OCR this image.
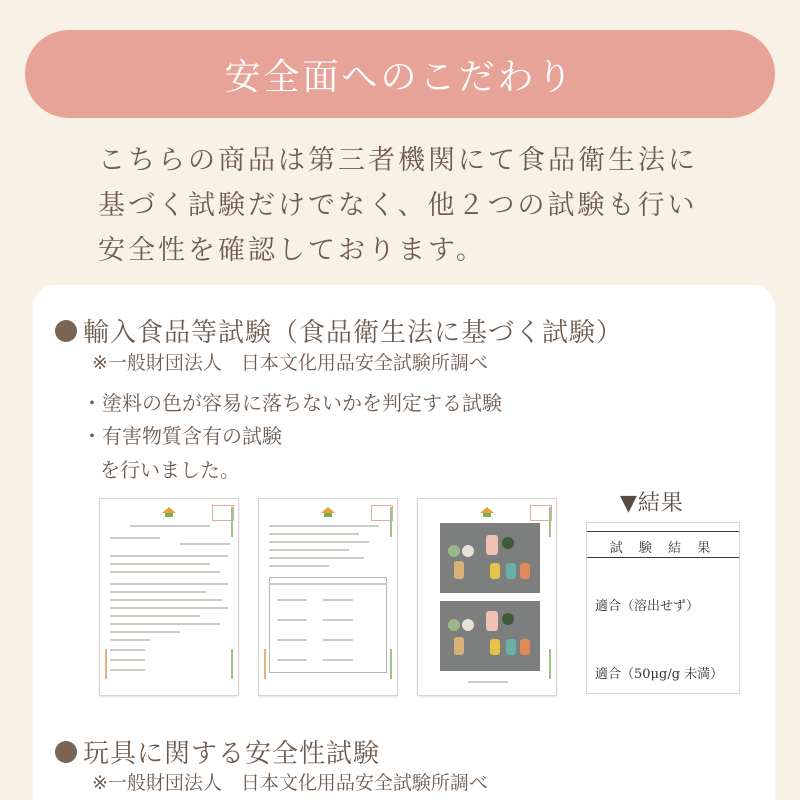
安全面へのこだわり
こちらの商品は第三者機関にて食品衛生法に
基づく試験だけでなく、他２つの試験も行い
安全性を確認しております。
輸入食品等試験（食品衛生法に基づく試験）
※一般財団法人　日本文化用品安全試験所調べ
・塗料の色が容易に落ちないかを判定する試験
・有害物質含有の試験
を行いました。
▼結果
試 験 結 果
適合（溶出せず）
適合（50μg/g 未満）
玩具に関する安全性試験
※一般財団法人　日本文化用品安全試験所調べ
